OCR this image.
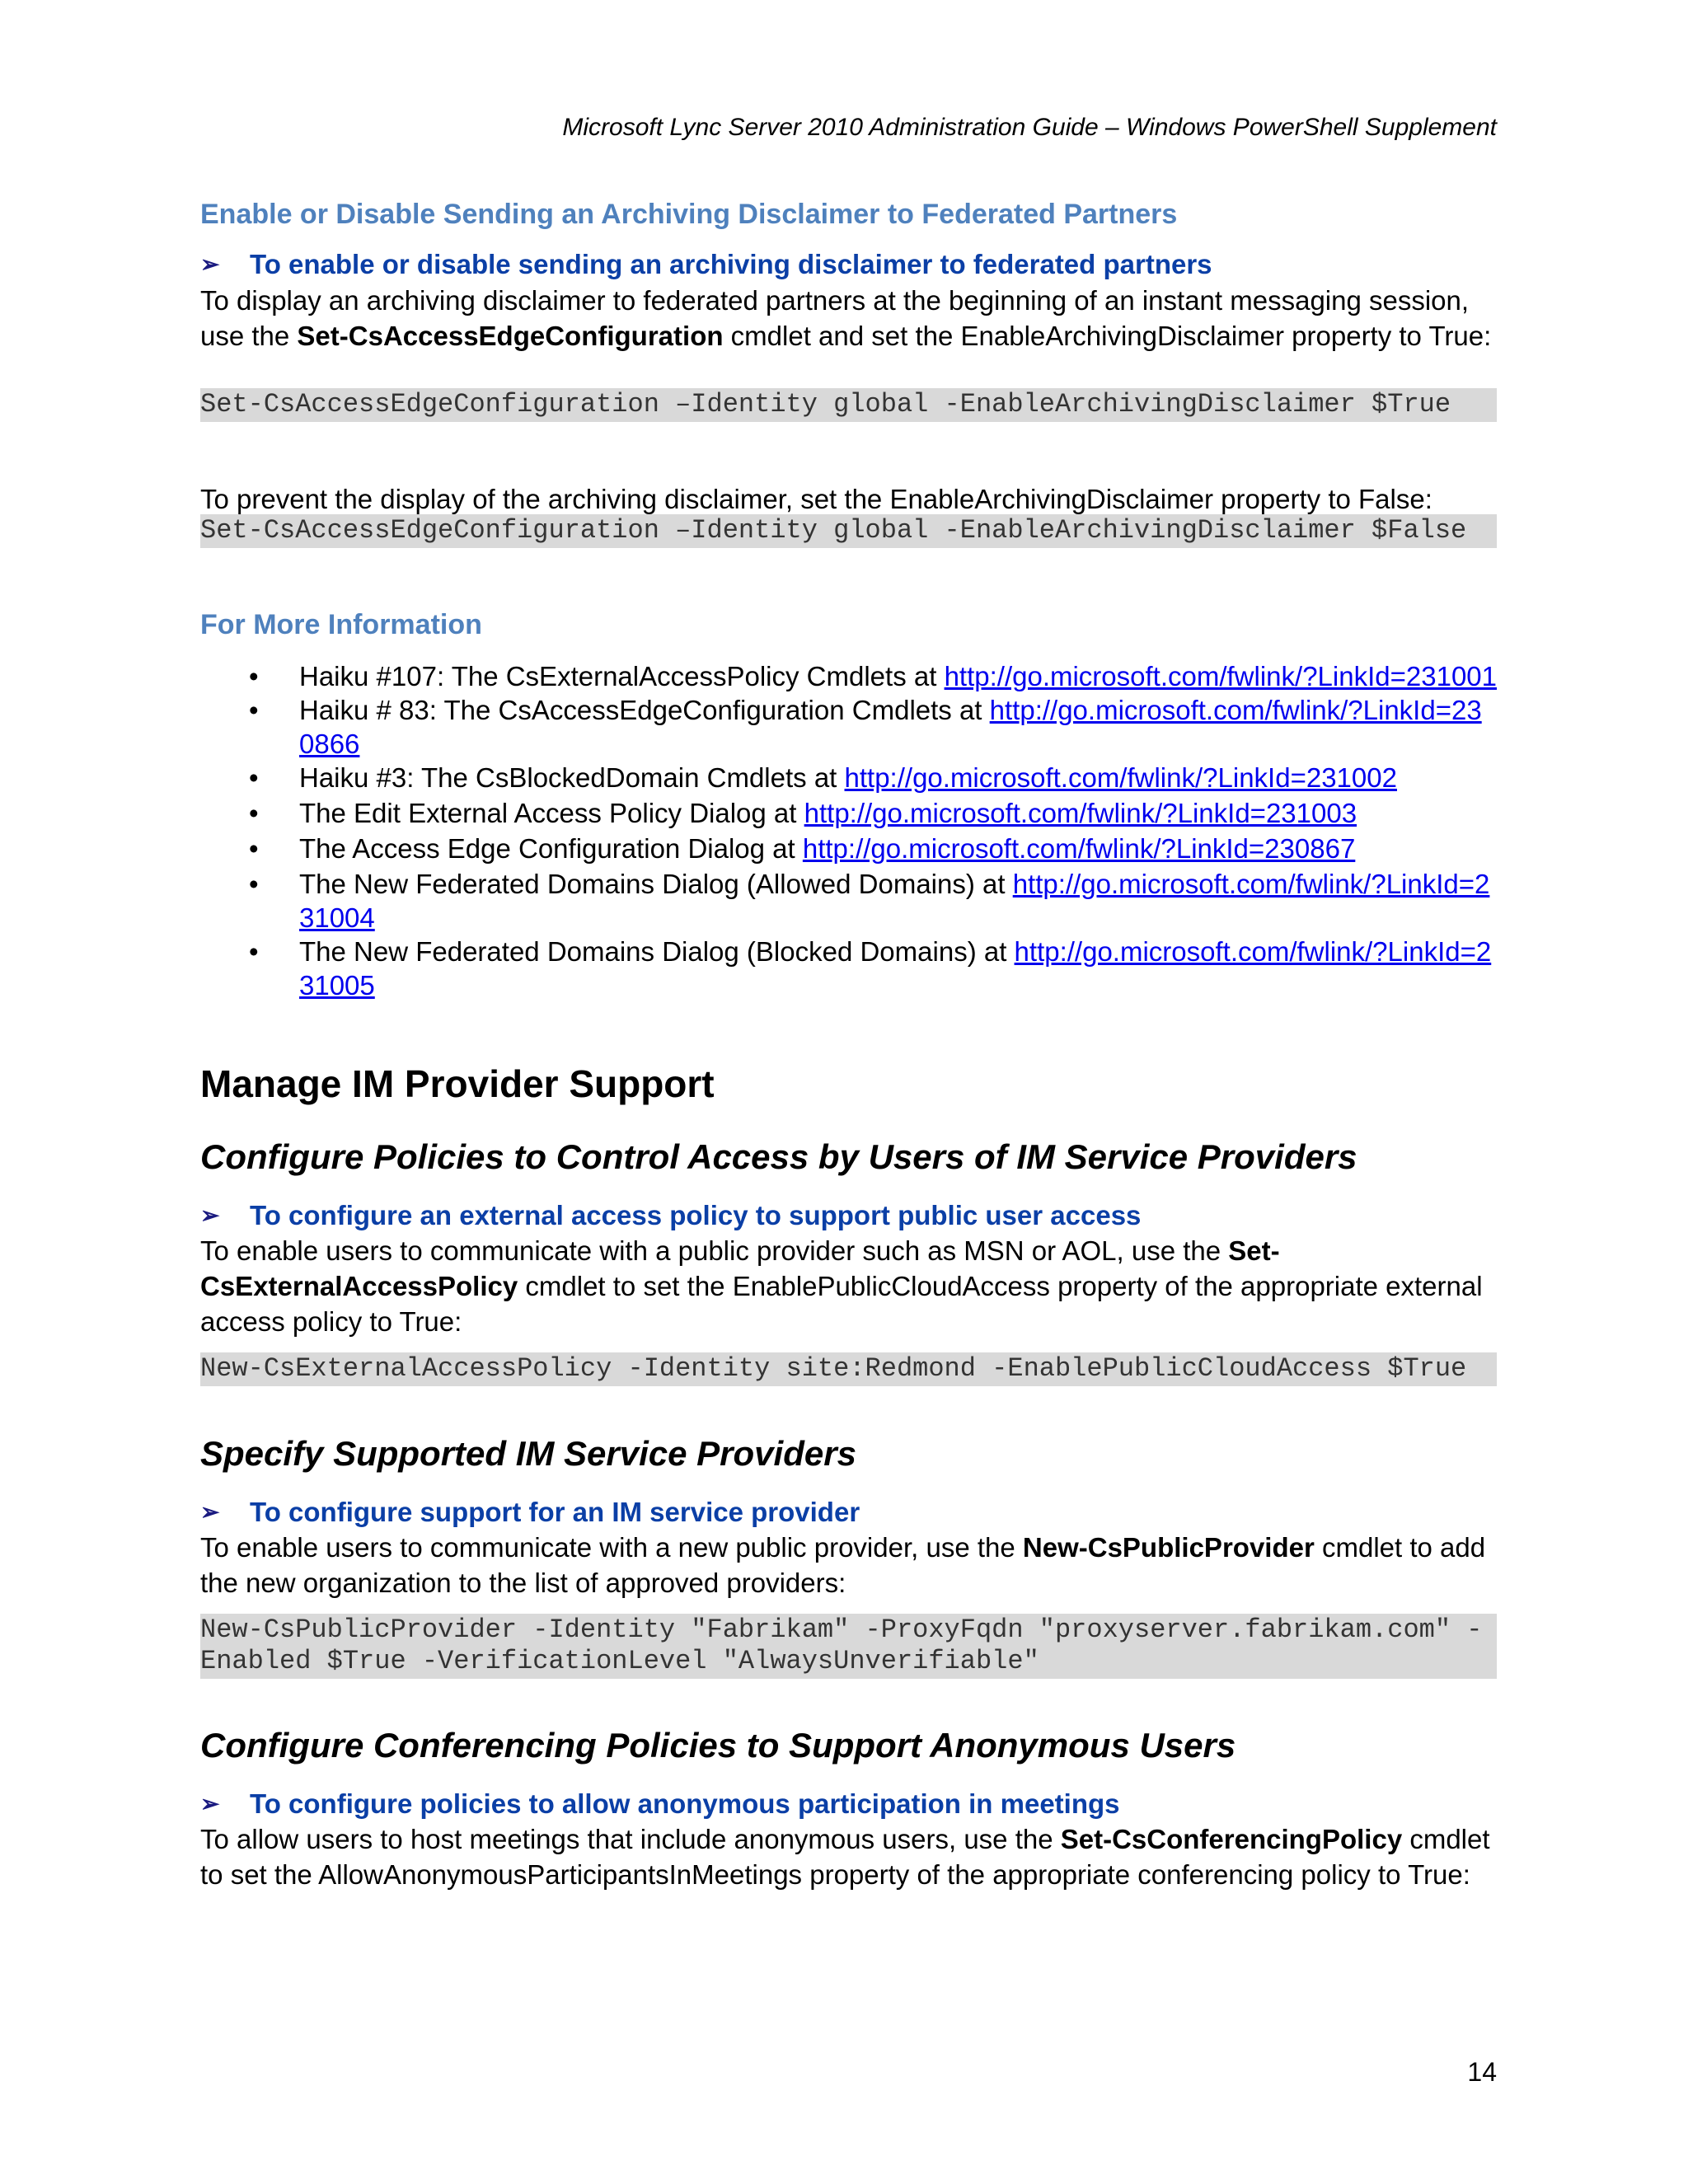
Microsoft Lync Server 2010 Administration Guide – Windows PowerShell Supplement
Enable or Disable Sending an Archiving Disclaimer to Federated Partners
➢	To enable or disable sending an archiving disclaimer to federated partners

To display an archiving disclaimer to federated partners at the beginning of an instant messaging session, use the Set-CsAccessEdgeConfiguration cmdlet and set the EnableArchivingDisclaimer property to True:

Set-CsAccessEdgeConfiguration –Identity global -EnableArchivingDisclaimer $True

To prevent the display of the archiving disclaimer, set the EnableArchivingDisclaimer property to False:

Set-CsAccessEdgeConfiguration –Identity global -EnableArchivingDisclaimer $False
For More Information
• Haiku #107: The CsExternalAccessPolicy Cmdlets at http://go.microsoft.com/fwlink/?LinkId=231001
• Haiku # 83: The CsAccessEdgeConfiguration Cmdlets at http://go.microsoft.com/fwlink/?LinkId=230866
• Haiku #3: The CsBlockedDomain Cmdlets at http://go.microsoft.com/fwlink/?LinkId=231002
• The Edit External Access Policy Dialog at http://go.microsoft.com/fwlink/?LinkId=231003
• The Access Edge Configuration Dialog at http://go.microsoft.com/fwlink/?LinkId=230867
• The New Federated Domains Dialog (Allowed Domains) at http://go.microsoft.com/fwlink/?LinkId=231004
• The New Federated Domains Dialog (Blocked Domains) at http://go.microsoft.com/fwlink/?LinkId=231005
Manage IM Provider Support
Configure Policies to Control Access by Users of IM Service Providers
➢	To configure an external access policy to support public user access

To enable users to communicate with a public provider such as MSN or AOL, use the Set-CsExternalAccessPolicy cmdlet to set the EnablePublicCloudAccess property of the appropriate external access policy to True:

New-CsExternalAccessPolicy -Identity site:Redmond -EnablePublicCloudAccess $True
Specify Supported IM Service Providers
➢	To configure support for an IM service provider

To enable users to communicate with a new public provider, use the New-CsPublicProvider cmdlet to add the new organization to the list of approved providers:

New-CsPublicProvider -Identity "Fabrikam" -ProxyFqdn "proxyserver.fabrikam.com" -Enabled $True -VerificationLevel "AlwaysUnverifiable"
Configure Conferencing Policies to Support Anonymous Users
➢	To configure policies to allow anonymous participation in meetings

To allow users to host meetings that include anonymous users, use the Set-CsConferencingPolicy cmdlet to set the AllowAnonymousParticipantsInMeetings property of the appropriate conferencing policy to True:

14
